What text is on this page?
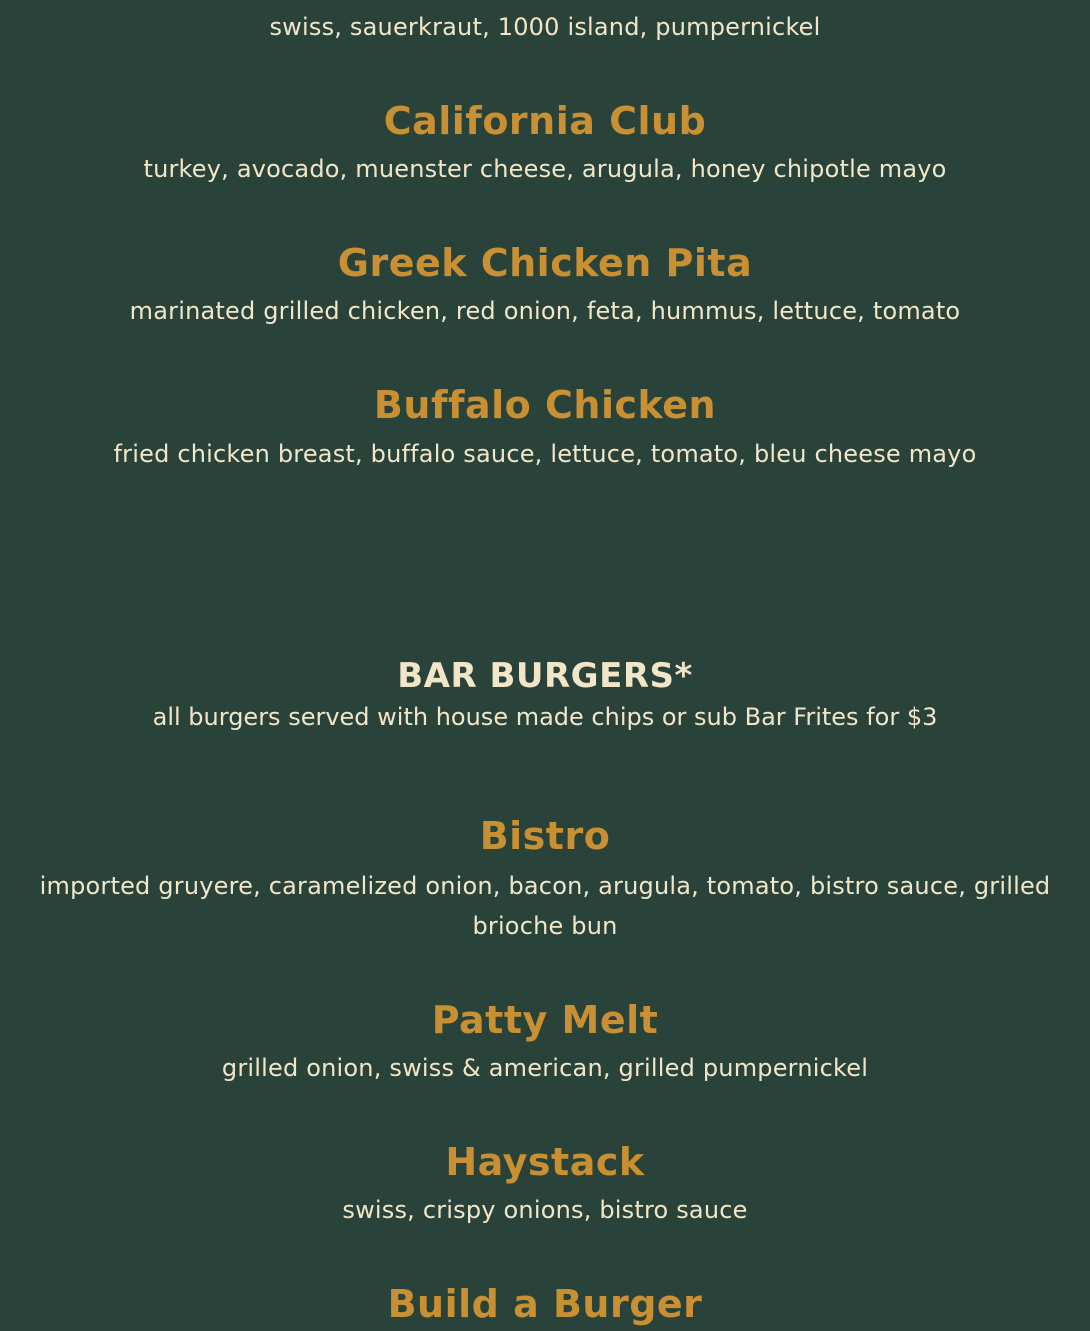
swiss, sauerkraut, 1000 island, pumpernickel
California Club
turkey, avocado, muenster cheese, arugula, honey chipotle mayo
Greek Chicken Pita
marinated grilled chicken, red onion, feta, hummus, lettuce, tomato
Buffalo Chicken
fried chicken breast, buffalo sauce, lettuce, tomato, bleu cheese mayo
BAR BURGERS*
all burgers served with house made chips or sub Bar Frites for $3
Bistro
imported gruyere, caramelized onion, bacon, arugula, tomato, bistro sauce, grilled brioche bun
Patty Melt
grilled onion, swiss & american, grilled pumpernickel
Haystack
swiss, crispy onions, bistro sauce
Build a Burger
